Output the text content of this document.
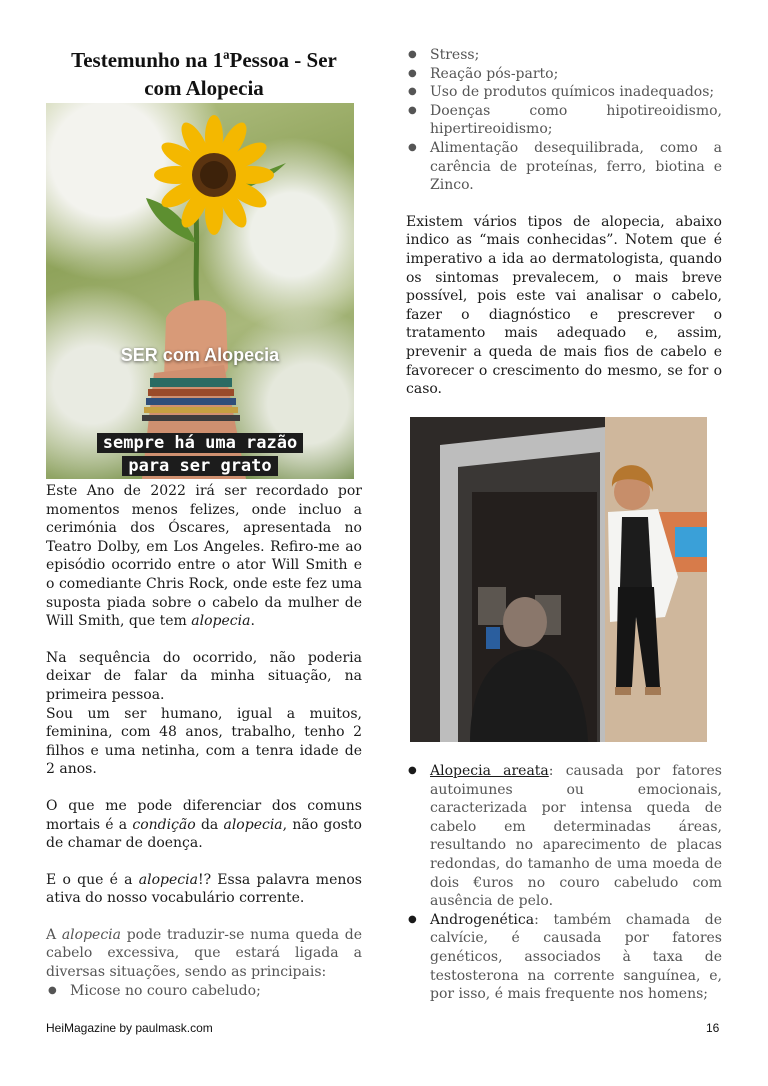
Testemunho na 1ªPessoa - Ser
com Alopecia
SER com Alopecia
sempre há uma razão
para ser grato

Este Ano de 2022 irá ser recordado por momentos menos felizes, onde incluo a cerimónia dos Óscares, apresentada no Teatro Dolby, em Los Angeles. Refiro-me ao episódio ocorrido entre o ator Will Smith e o comediante Chris Rock, onde este fez uma suposta piada sobre o cabelo da mulher de Will Smith, que tem alopecia.

Na sequência do ocorrido, não poderia deixar de falar da minha situação, na primeira pessoa.

Sou um ser humano, igual a muitos, feminina, com 48 anos, trabalho, tenho 2 filhos e uma netinha, com a tenra idade de 2 anos.

O que me pode diferenciar dos comuns mortais é a condição da alopecia, não gosto de chamar de doença.

E o que é a alopecia!? Essa palavra menos ativa do nosso vocabulário corrente.

A alopecia pode traduzir-se numa queda de cabelo excessiva, que estará ligada a diversas situações, sendo as principais:

● Micose no couro cabeludo;
● Stress;
● Reação pós-parto;
● Uso de produtos químicos inadequados;
● Doenças como hipotireoidismo, hipertireoidismo;
● Alimentação desequilibrada, como a carência de proteínas, ferro, biotina e Zinco.

Existem vários tipos de alopecia, abaixo indico as “mais conhecidas”. Notem que é imperativo a ida ao dermatologista, quando os sintomas prevalecem, o mais breve possível, pois este vai analisar o cabelo, fazer o diagnóstico e prescrever o tratamento mais adequado e, assim, prevenir a queda de mais fios de cabelo e favorecer o crescimento do mesmo, se for o caso.

● Alopecia areata: causada por fatores autoimunes ou emocionais, caracterizada por intensa queda de cabelo em determinadas áreas, resultando no aparecimento de placas redondas, do tamanho de uma moeda de dois €uros no couro cabeludo com ausência de pelo.
● Androgenética: também chamada de calvície, é causada por fatores genéticos, associados à taxa de testosterona na corrente sanguínea, e, por isso, é mais frequente nos homens;
HeiMagazine by paulmask.com	16
